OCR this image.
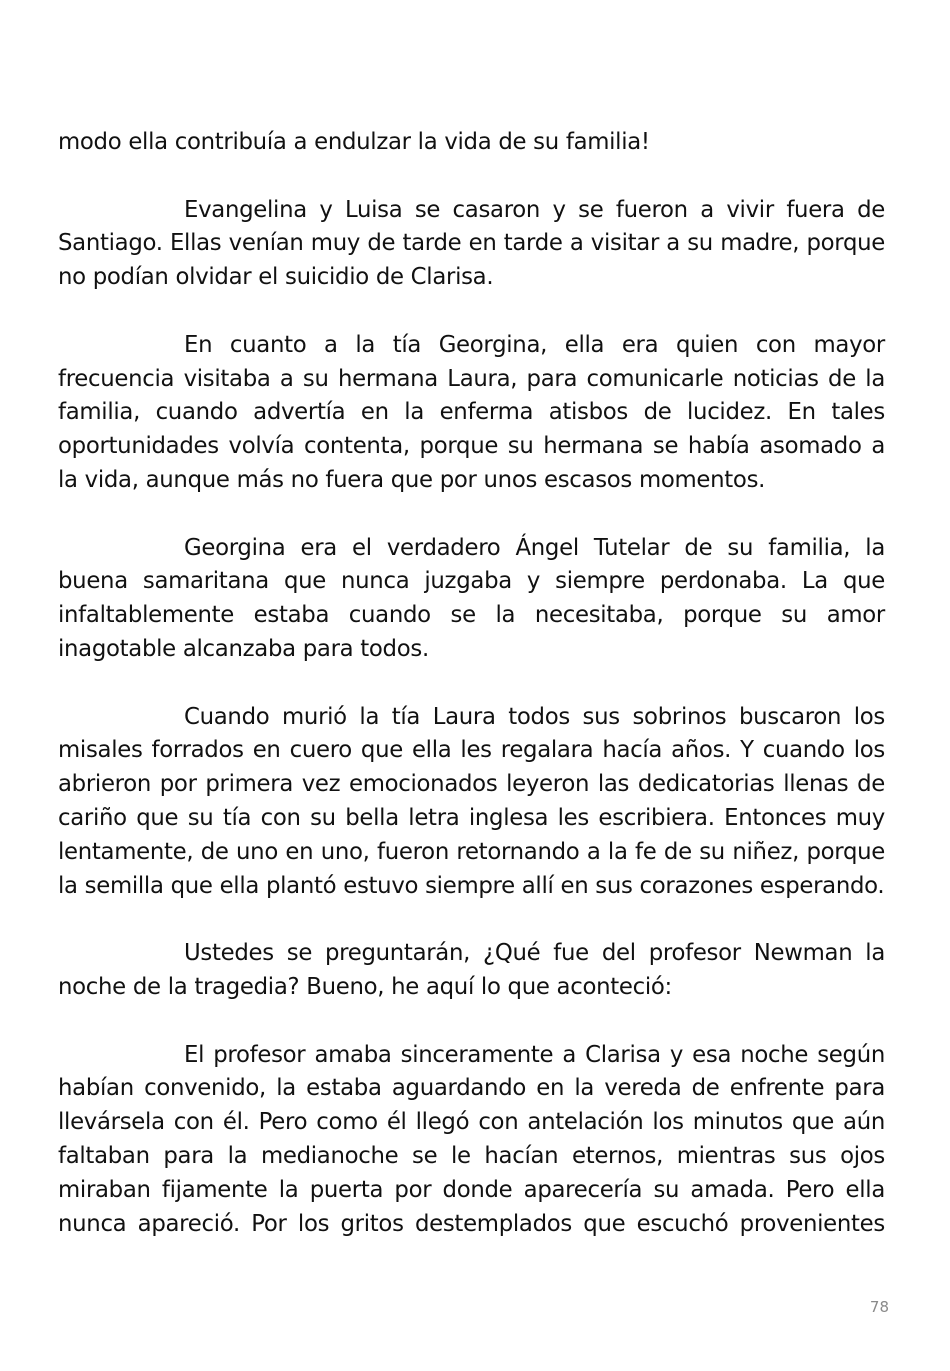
modo ella contribuía a endulzar la vida de su familia!

Evangelina y Luisa se casaron y se fueron a vivir fuera de Santiago. Ellas venían muy de tarde en tarde a visitar a su madre, porque no podían olvidar el suicidio de Clarisa.

En cuanto a la tía Georgina, ella era quien con mayor frecuencia visitaba a su hermana Laura, para comunicarle noticias de la familia, cuando advertía en la enferma atisbos de lucidez. En tales oportunidades volvía contenta, porque su hermana se había asomado a la vida, aunque más no fuera que por unos escasos momentos.

Georgina era el verdadero Ángel Tutelar de su familia, la buena samaritana que nunca juzgaba y siempre perdonaba. La que infaltablemente estaba cuando se la necesitaba, porque su amor inagotable alcanzaba para todos.

Cuando murió la tía Laura todos sus sobrinos buscaron los misales forrados en cuero que ella les regalara hacía años. Y cuando los abrieron por primera vez emocionados leyeron las dedicatorias llenas de cariño que su tía con su bella letra inglesa les escribiera. Entonces muy lentamente, de uno en uno, fueron retornando a la fe de su niñez, porque la semilla que ella plantó estuvo siempre allí en sus corazones esperando.

Ustedes se preguntarán, ¿Qué fue del profesor Newman la noche de la tragedia? Bueno, he aquí lo que aconteció:

El profesor amaba sinceramente a Clarisa y esa noche según habían convenido, la estaba aguardando en la vereda de enfrente para llevársela con él. Pero como él llegó con antelación los minutos que aún faltaban para la medianoche se le hacían eternos, mientras sus ojos miraban fijamente la puerta por donde aparecería su amada. Pero ella nunca apareció. Por los gritos destemplados que escuchó provenientes

78
